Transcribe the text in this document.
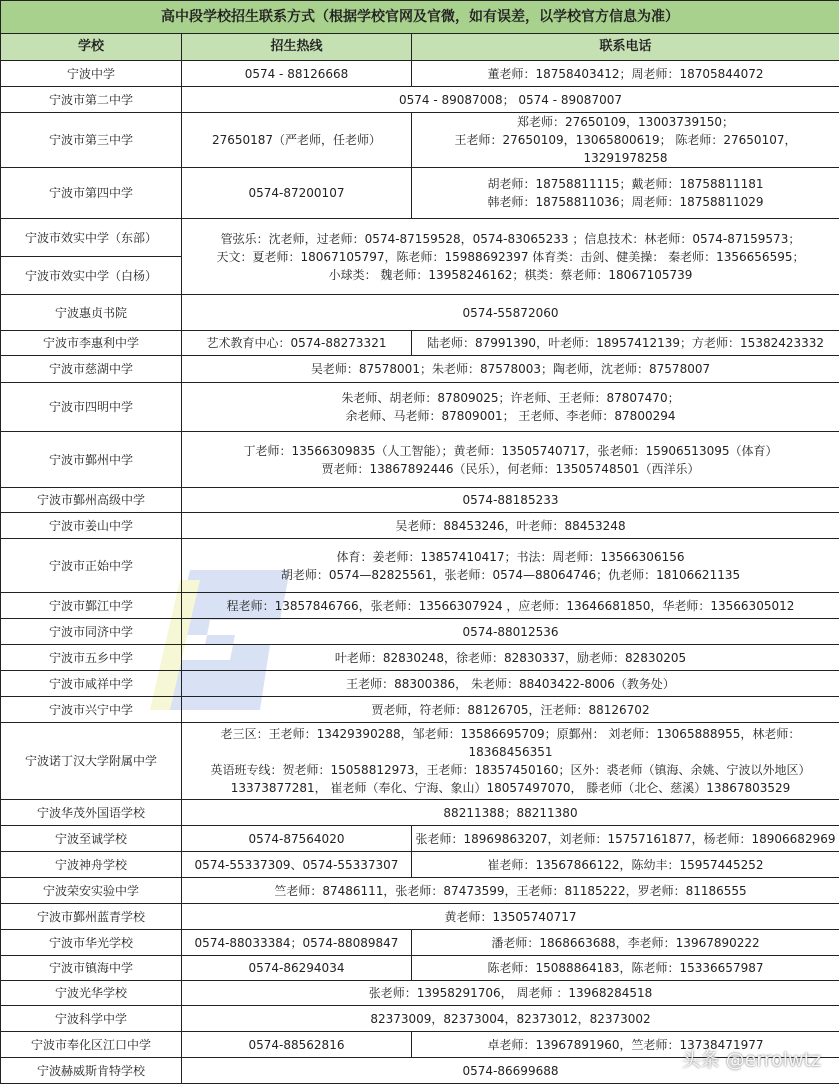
高中段学校招生联系方式（根据学校官网及官微，如有误差，以学校官方信息为准）		
学校	招生热线	联系电话
宁波中学	0574 - 88126668	董老师：18758403412；周老师：18705844072
宁波市第二中学	0574 - 89087008； 0574 - 89087007	
宁波市第三中学	27650187（严老师，任老师）	郑老师：27650109，13003739150；
王老师：27650109，13065800619； 陈老师：27650107，13291978258
宁波市第四中学	0574-87200107	胡老师：18758811115；戴老师：18758811181
韩老师：18758811036；周老师：18758811029
宁波市效实中学（东部）	管弦乐：沈老师，过老师：0574-87159528，0574-83065233 ；信息技术：林老师：0574-87159573；
天文：夏老师：18067105797，陈老师：15988692397 体育类：击剑、健美操： 秦老师：1356656595；
小球类： 魏老师：13958246162；棋类：蔡老师：18067105739	
宁波市效实中学（白杨）		
宁波惠贞书院	0574-55872060	
宁波市李惠利中学	艺术教育中心：0574-88273321	陆老师：87991390，叶老师：18957412139；方老师：15382423332
宁波市慈湖中学	吴老师：87578001；朱老师：87578003；陶老师，沈老师：87578007	
宁波市四明中学	朱老师、胡老师：87809025；许老师、王老师：87807470；
余老师、马老师：87809001； 王老师、李老师：87800294	
宁波市鄞州中学	丁老师：13566309835（人工智能）；黄老师：13505740717，张老师：15906513095（体育）
贾老师：13867892446（民乐），何老师：13505748501（西洋乐）	
宁波市鄞州高级中学	0574-88185233	
宁波市姜山中学	吴老师：88453246，叶老师：88453248	
宁波市正始中学	体育：姜老师：13857410417；书法：周老师：13566306156
胡老师：0574—82825561，张老师：0574—88064746；仇老师：18106621135	
宁波市鄞江中学	程老师：13857846766，张老师：13566307924 ，应老师：13646681850，华老师：13566305012	
宁波市同济中学	0574-88012536	
宁波市五乡中学	叶老师：82830248，徐老师：82830337，励老师：82830205	
宁波市咸祥中学	王老师：88300386， 朱老师：88403422-8006（教务处）	
宁波市兴宁中学	贾老师，符老师：88126705，汪老师：88126702	
宁波诺丁汉大学附属中学	老三区：王老师：13429390288，邹老师：13586695709；原鄞州： 刘老师：13065888955，林老师：18368456351
英语班专线：贺老师：15058812973，王老师：18357450160；区外：裘老师（镇海、余姚、宁波以外地区）
13373877281， 崔老师（奉化、宁海、象山）18057497070， 滕老师（北仑、慈溪）13867803529	
宁波华茂外国语学校	88211388；88211380	
宁波至诚学校	0574-87564020	张老师：18969863207，刘老师：15757161877，杨老师：18906682969
宁波神舟学校	0574-55337309、0574-55337307	崔老师：13567866122，陈幼丰：15957445252
宁波荣安实验中学	竺老师：87486111，张老师：87473599，王老师：81185222，罗老师：81186555	
宁波市鄞州蓝青学校	黄老师：13505740717	
宁波市华光学校	0574-88033384；0574-88089847	潘老师：1868663688，李老师：13967890222
宁波市镇海中学	0574-86294034	陈老师：15088864183，陈老师：15336657987
宁波光华学校	张老师：13958291706， 周老师 ：13968284518	
宁波科学中学	82373009，82373004，82373012，82373002	
宁波市奉化区江口中学	0574-88562816	卓老师：13967891960，竺老师：13738471977
宁波赫威斯肯特学校	0574-86699688		头条 @errolwtz
